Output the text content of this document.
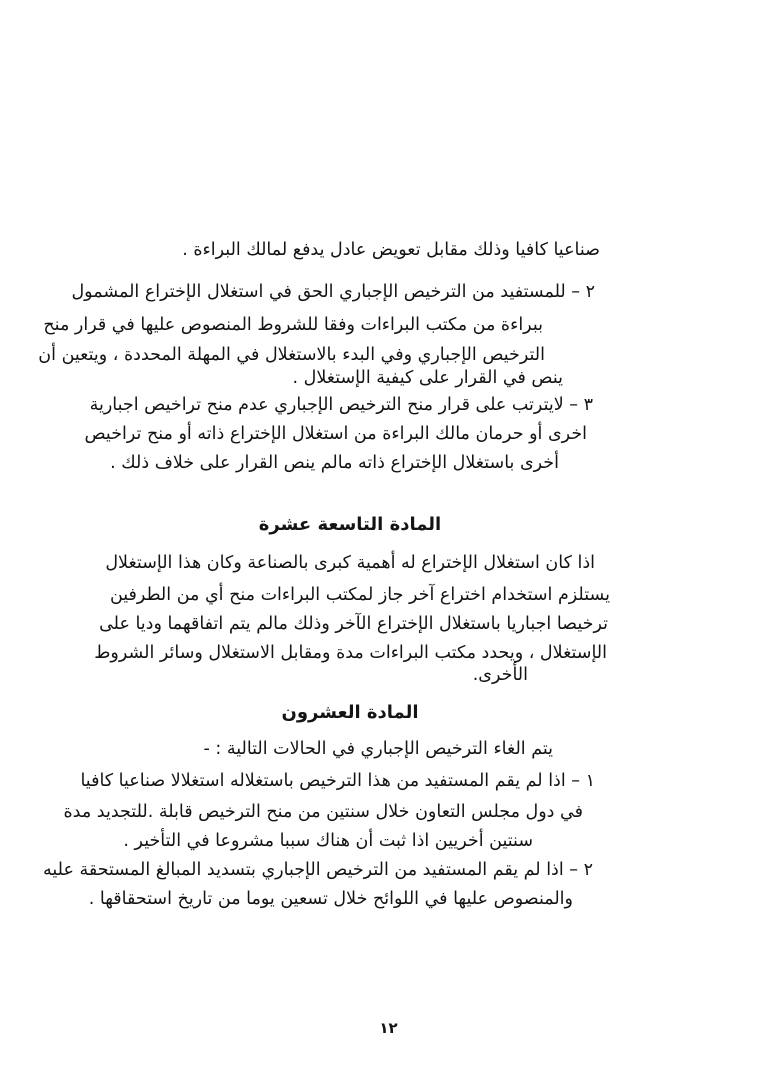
صناعيا كافيا وذلك مقابل تعويض عادل يدفع لمالك البراءة .
٢ – للمستفيد من الترخيص الإجباري الحق في استغلال الإختراع المشمول
ببراءة من مكتب البراءات وفقا للشروط المنصوص عليها في قرار منح
الترخيص الإجباري وفي البدء بالاستغلال في المهلة المحددة ، ويتعين أن
ينص في القرار على كيفية الإستغلال .
٣ – لايترتب على قرار منح الترخيص الإجباري عدم منح تراخيص اجبارية
اخرى أو حرمان مالك البراءة من استغلال الإختراع ذاته أو منح تراخيص
أخرى باستغلال الإختراع ذاته مالم ينص القرار على خلاف ذلك .
المادة التاسعة عشرة
اذا كان استغلال الإختراع له أهمية كبرى بالصناعة وكان هذا الإستغلال
يستلزم استخدام اختراع آخر جاز لمكتب البراءات منح أي من الطرفين
ترخيصا اجباريا باستغلال الإختراع الآخر وذلك مالم يتم اتفاقهما وديا على
الإستغلال ، ويحدد مكتب البراءات مدة ومقابل الاستغلال وسائر الشروط
الأخرى.
المادة العشرون
يتم الغاء الترخيص الإجباري في الحالات التالية : -
١ – اذا لم يقم المستفيد من هذا الترخيص باستغلاله استغلالا صناعيا كافيا
في دول مجلس التعاون خلال سنتين من منح الترخيص قابلة .للتجديد مدة
سنتين أخريين اذا ثبت أن هناك سببا مشروعا في التأخير .
٢ – اذا لم يقم المستفيد من الترخيص الإجباري بتسديد المبالغ المستحقة عليه
والمنصوص عليها في اللوائح خلال تسعين يوما من تاريخ استحقاقها .
١٢
